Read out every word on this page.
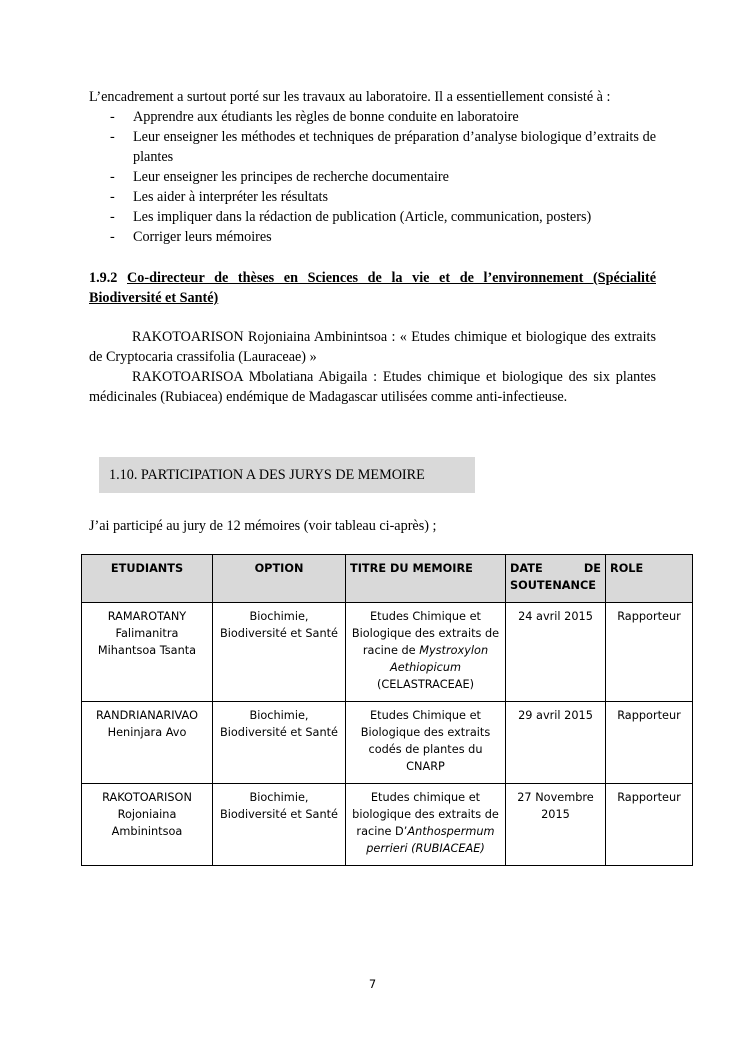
L’encadrement a surtout porté sur les travaux au laboratoire. Il a essentiellement consisté à :
- Apprendre aux étudiants les règles de bonne conduite en laboratoire
- Leur enseigner les méthodes et techniques de préparation d’analyse biologique d’extraits de plantes
- Leur enseigner les principes de recherche documentaire
- Les aider à interpréter les résultats
- Les impliquer dans la rédaction de publication (Article, communication, posters)
- Corriger leurs mémoires
1.9.2 Co-directeur de thèses en Sciences de la vie et de l’environnement (Spécialité Biodiversité et Santé)
RAKOTOARISON Rojoniaina Ambinintsoa : « Etudes chimique et biologique des extraits de Cryptocaria crassifolia (Lauraceae) »
RAKOTOARISOA Mbolatiana Abigaila : Etudes chimique et biologique des six plantes médicinales (Rubiacea) endémique de Madagascar utilisées comme anti-infectieuse.
1.10. PARTICIPATION A DES JURYS DE MEMOIRE
J’ai participé au jury de 12 mémoires (voir tableau ci-après) ;
ETUDIANTS	OPTION	TITRE DU MEMOIRE	DATE DE SOUTENANCE	ROLE
RAMAROTANY Falimanitra Mihantsoa Tsanta	Biochimie, Biodiversité et Santé	Etudes Chimique et Biologique des extraits de racine de Mystroxylon Aethiopicum (CELASTRACEAE)	24 avril 2015	Rapporteur
RANDRIANARIVAO Heninjara Avo	Biochimie, Biodiversité et Santé	Etudes Chimique et Biologique des extraits codés de plantes du CNARP	29 avril 2015	Rapporteur
RAKOTOARISON Rojoniaina Ambinintsoa	Biochimie, Biodiversité et Santé	Etudes chimique et biologique des extraits de racine D’Anthospermum perrieri (RUBIACEAE)	27 Novembre 2015	Rapporteur
7
